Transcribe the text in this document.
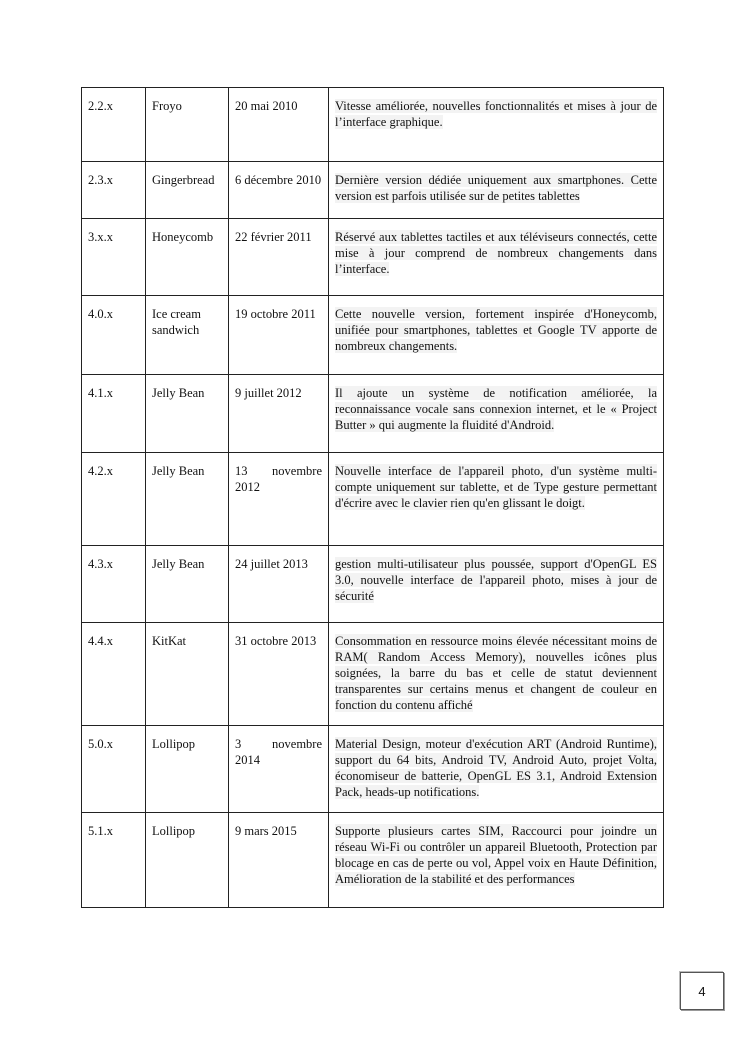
2.2.x	Froyo	20 mai 2010	Vitesse améliorée, nouvelles fonctionnalités et mises à jour de l’interface graphique.
2.3.x	Gingerbread	6 décembre 2010	Dernière version dédiée uniquement aux smartphones. Cette version est parfois utilisée sur de petites tablettes
3.x.x	Honeycomb	22 février 2011	Réservé aux tablettes tactiles et aux téléviseurs connectés, cette mise à jour comprend de nombreux changements dans l’interface.
4.0.x	Ice cream sandwich	19 octobre 2011	Cette nouvelle version, fortement inspirée d'Honeycomb, unifiée pour smartphones, tablettes et Google TV apporte de nombreux changements.
4.1.x	Jelly Bean	9 juillet 2012	Il ajoute un système de notification améliorée, la reconnaissance vocale sans connexion internet, et le « Project Butter » qui augmente la fluidité d'Android.
4.2.x	Jelly Bean	13 novembre 2012	Nouvelle interface de l'appareil photo, d'un système multi-compte uniquement sur tablette, et de Type gesture permettant d'écrire avec le clavier rien qu'en glissant le doigt.
4.3.x	Jelly Bean	24 juillet 2013	gestion multi-utilisateur plus poussée, support d'OpenGL ES 3.0, nouvelle interface de l'appareil photo, mises à jour de sécurité
4.4.x	KitKat	31 octobre 2013	Consommation en ressource moins élevée nécessitant moins de RAM( Random Access Memory), nouvelles icônes plus soignées, la barre du bas et celle de statut deviennent transparentes sur certains menus et changent de couleur en fonction du contenu affiché
5.0.x	Lollipop	3 novembre 2014	Material Design, moteur d'exécution ART (Android Runtime), support du 64 bits, Android TV, Android Auto, projet Volta, économiseur de batterie, OpenGL ES 3.1, Android Extension Pack, heads-up notifications.
5.1.x	Lollipop	9 mars 2015	Supporte plusieurs cartes SIM, Raccourci pour joindre un réseau Wi-Fi ou contrôler un appareil Bluetooth, Protection par blocage en cas de perte ou vol, Appel voix en Haute Définition, Amélioration de la stabilité et des performances
4
